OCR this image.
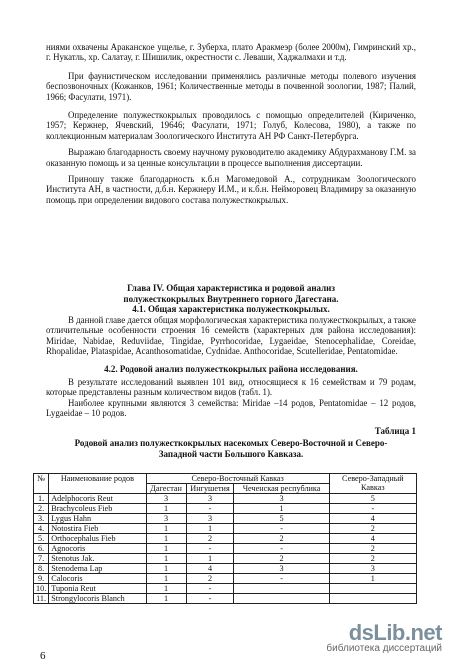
ниями охвачены Араканское ущелье, г. Зуберха, плато Аракмеэр (более 2000м), Гимринский хр., г. Нукатль, хр. Салатау, г. Шишилик, окрестности с. Леваши, Хаджалмахи и т.д.

При фаунистическом исследовании применялись различные методы полевого изучения беспозвоночных (Кожанков, 1961; Количественные методы в почвенной зоологии, 1987; Палий, 1966; Фасулати, 1971).

Определение полужесткокрылых проводилось с помощью определителей (Кириченко, 1957; Кержнер, Ячевский, 19646; Фасулати, 1971; Голуб, Колесова, 1980), а также по коллекционным материалам Зоологического Института АН РФ Санкт-Петербурга.

Выражаю благодарность своему научному руководителю академику Абдурахманову Г.М. за оказанную помощь и за ценные консультации в процессе выполнения диссертации.

Приношу также благодарность к.б.н Магомедовой А., сотрудникам Зоологического Института АН, в частности, д.б.н. Кержнеру И.М., и к.б.н. Нейморовец Владимиру за оказанную помощь при определении видового состава полужесткокрылых.

Глава IV. Общая характеристика и родовой анализ
полужесткокрылых Внутреннего горного Дагестана.
4.1. Общая характеристика полужесткокрылых.

В данной главе дается общая морфологическая характеристика полужесткокрылых, а также отличительные особенности строения 16 семейств (характерных для района исследования): Miridae, Nabidae, Reduviidae, Tingidae, Pyrrhocoridae, Lygaeidae, Stenocephalidae, Coreidae, Rhopalidae, Plataspidae, Acanthosomatidae, Cydnidae. Anthocoridae, Scutelleridae, Pentatomidae.

4.2. Родовой анализ полужесткокрылых района исследования.

В результате исследований выявлен 101 вид, относящиеся к 16 семействам и 79 родам, которые представлены разным количеством видов (табл. 1).

Наиболее крупными являются 3 семейства: Miridae –14 родов, Pentatomidae – 12 родов, Lygaeidae – 10 родов.

Таблица 1
Родовой анализ полужесткокрылых насекомых Северо-Восточной и Северо-
Западной части Большого Кавказа.
№	Наименование родов	Северо-Восточный Кавказ			Северо-Западный Кавказ
		Дагестан	Ингушетия	Чеченская республика	
1.	Adelphocoris Reut	3	3	3	5
2.	Brachycoleus Fieb	1	-	1	-
3.	Lygus Hahn	3	3	5	4
4.	Notostira Fieb	1	1	-	2
5.	Orthocephalus Fieb	1	2	2	4
6.	Agnocoris	1	-	-	2
7.	Stenotus Jak.	1	1	2	2
8.	Stenodema Lap	1	4	3	3
9.	Calocoris	1	2	-	1
10.	Tuponia Reut	1	-		
11.	Strongylocoris Blanch	1	-		
6
dsLib.net
библиотека диссертаций
